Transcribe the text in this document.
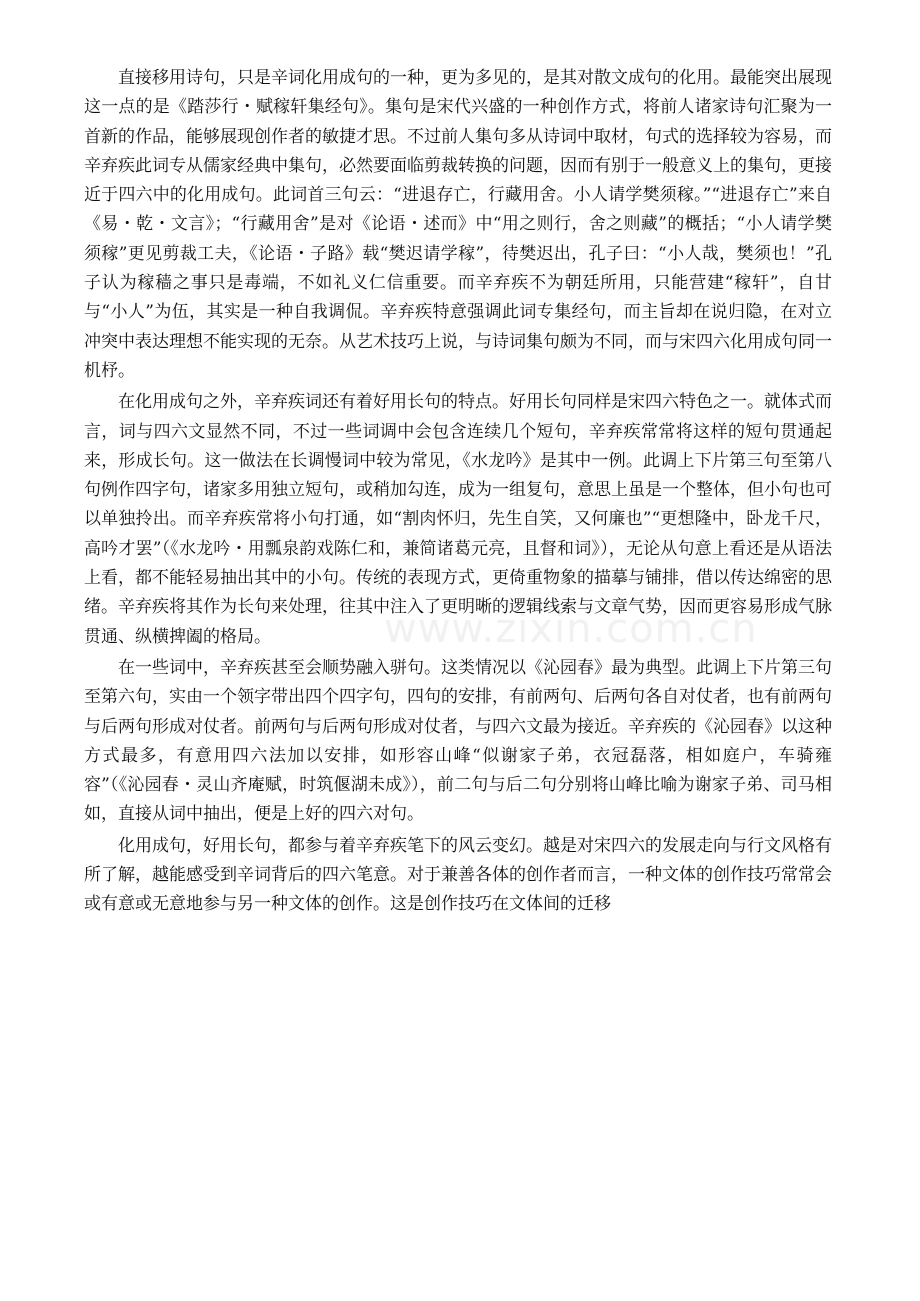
直接移用诗句，只是辛词化用成句的一种，更为多见的，是其对散文成句的化用。最能突出展现这一点的是《踏莎行・赋稼轩集经句》。集句是宋代兴盛的一种创作方式，将前人诸家诗句汇聚为一首新的作品，能够展现创作者的敏捷才思。不过前人集句多从诗词中取材，句式的选择较为容易，而辛弃疾此词专从儒家经典中集句，必然要面临剪裁转换的问题，因而有别于一般意义上的集句，更接近于四六中的化用成句。此词首三句云：“进退存亡，行藏用舍。小人请学樊须稼。”“进退存亡”来自《易・乾・文言》；“行藏用舍”是对《论语・述而》中“用之则行，舍之则藏”的概括；“小人请学樊须稼”更见剪裁工夫，《论语・子路》载“樊迟请学稼”，待樊迟出，孔子曰：“小人哉，樊须也！”孔子认为稼穑之事只是毒端，不如礼义仁信重要。而辛弃疾不为朝廷所用，只能营建“稼轩”，自甘与“小人”为伍，其实是一种自我调侃。辛弃疾特意强调此词专集经句，而主旨却在说归隐，在对立冲突中表达理想不能实现的无奈。从艺术技巧上说，与诗词集句颇为不同，而与宋四六化用成句同一机杼。

在化用成句之外，辛弃疾词还有着好用长句的特点。好用长句同样是宋四六特色之一。就体式而言，词与四六文显然不同，不过一些词调中会包含连续几个短句，辛弃疾常常将这样的短句贯通起来，形成长句。这一做法在长调慢词中较为常见，《水龙吟》是其中一例。此调上下片第三句至第八句例作四字句，诸家多用独立短句，或稍加勾连，成为一组复句，意思上虽是一个整体，但小句也可以单独拎出。而辛弃疾常将小句打通，如“割肉怀归，先生自笑，又何廉也”“更想隆中，卧龙千尺，高吟才罢”（《水龙吟・用瓢泉韵戏陈仁和，兼简诸葛元亮，且督和词》），无论从句意上看还是从语法上看，都不能轻易抽出其中的小句。传统的表现方式，更倚重物象的描摹与铺排，借以传达绵密的思绪。辛弃疾将其作为长句来处理，往其中注入了更明晰的逻辑线索与文章气势，因而更容易形成气脉贯通、纵横捭阖的格局。

在一些词中，辛弃疾甚至会顺势融入骈句。这类情况以《沁园春》最为典型。此调上下片第三句至第六句，实由一个领字带出四个四字句，四句的安排，有前两句、后两句各自对仗者，也有前两句与后两句形成对仗者。前两句与后两句形成对仗者，与四六文最为接近。辛弃疾的《沁园春》以这种方式最多，有意用四六法加以安排，如形容山峰“似谢家子弟，衣冠磊落，相如庭户，车骑雍容”（《沁园春・灵山齐庵赋，时筑偃湖未成》），前二句与后二句分别将山峰比喻为谢家子弟、司马相如，直接从词中抽出，便是上好的四六对句。

化用成句，好用长句，都参与着辛弃疾笔下的风云变幻。越是对宋四六的发展走向与行文风格有所了解，越能感受到辛词背后的四六笔意。对于兼善各体的创作者而言，一种文体的创作技巧常常会或有意或无意地参与另一种文体的创作。这是创作技巧在文体间的迁移

www.zixin.com.cn
